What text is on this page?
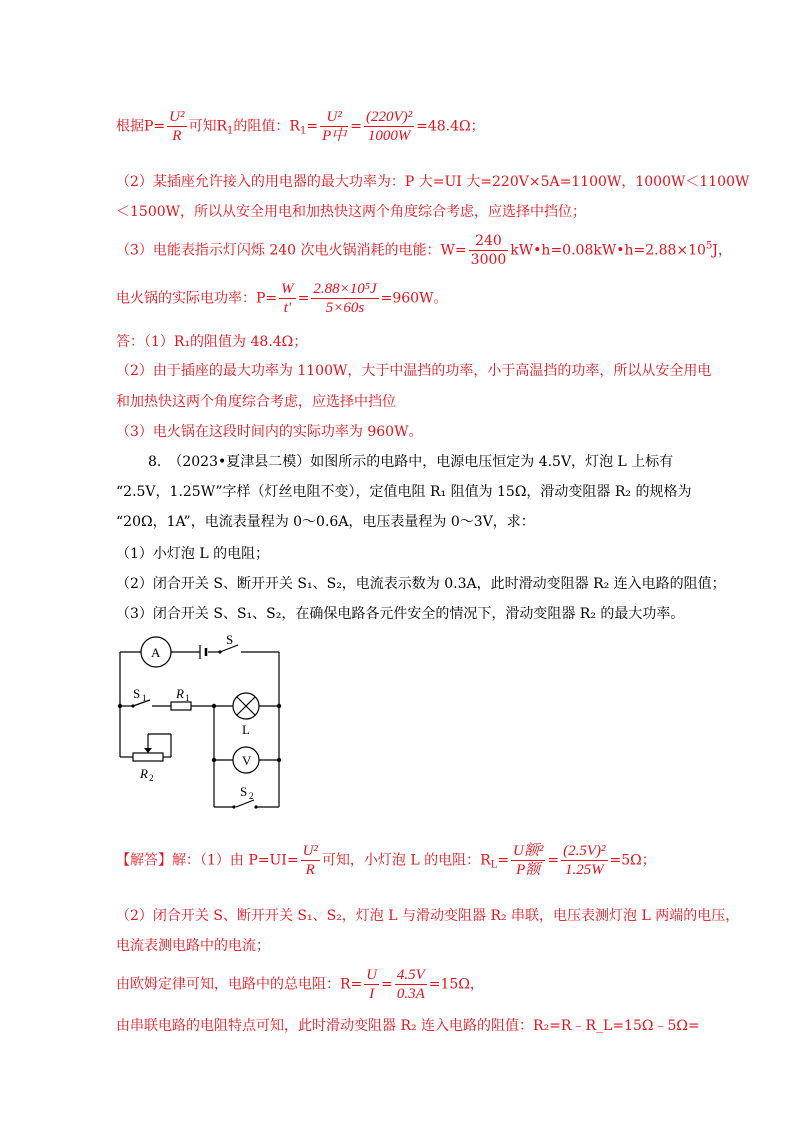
根据$P= \frac{\text{U²}}{R}$ 可知$R_1$的阻值：$R_1= \frac{\text{U²}}{\text{P中}} = \frac{\text{(220V)²}}{1000W} =48.4\Omega$；
（2）某插座允许接入的用电器的最大功率为：P 大=UI 大=220V×5A=1100W，1000W＜1100W
＜1500W，所以从安全用电和加热快这两个角度综合考虑，应选择中挡位；
（3）电能表指示灯闪烁 240 次电火锅消耗的电能：$W= \frac{240}{3000}$ $kW•h=0.08kW•h=2.88\times 10^5J$，
电火锅的实际电功率：$P= \frac{W}{t'} = \frac{\text{2.88×10⁵J}}{5\times 60s} =960W$。
答：（1）R₁的阻值为 48.4Ω；
（2）由于插座的最大功率为 1100W，大于中温挡的功率，小于高温挡的功率，所以从安全用电
和加热快这两个角度综合考虑，应选择中挡位
（3）电火锅在这段时间内的实际功率为 960W。
8.　（2023•夏津县二模）如图所示的电路中，电源电压恒定为 4.5V，灯泡 L 上标有
“2.5V，1.25W”字样（灯丝电阻不变），定值电阻 R₁ 阻值为 15Ω，滑动变阻器 R₂ 的规格为
“20Ω，1A”，电流表量程为 0～0.6A，电压表量程为 0～3V，求：
（1）小灯泡 L 的电阻；
（2）闭合开关 S、断开开关 S₁、S₂，电流表示数为 0.3A，此时滑动变阻器 R₂ 连入电路的阻值；
（3）闭合开关 S、S₁、S₂，在确保电路各元件安全的情况下，滑动变阻器 R₂ 的最大功率。
A
V
S
S 1 R 1
L
R 2
S 2
【解答】解：（1）由 $P=UI= \frac{\text{U²}}{R}$ 可知，小灯泡 L 的电阻：$R_L= \frac{\text{U额²}}{\text{P额}} = \frac{\text{(2.5V)²}}{1.25W} =5\Omega$；
（2）闭合开关 S、断开开关 S₁、S₂，灯泡 L 与滑动变阻器 R₂ 串联，电压表测灯泡 L 两端的电压，
电流表测电路中的电流；
由欧姆定律可知，电路中的总电阻：$R= \frac{U}{I} = \frac{4.5V}{0.3A} =15\Omega$，
由串联电路的电阻特点可知，此时滑动变阻器 R₂ 连入电路的阻值：R₂=R﹣R_L=15Ω﹣5Ω=
